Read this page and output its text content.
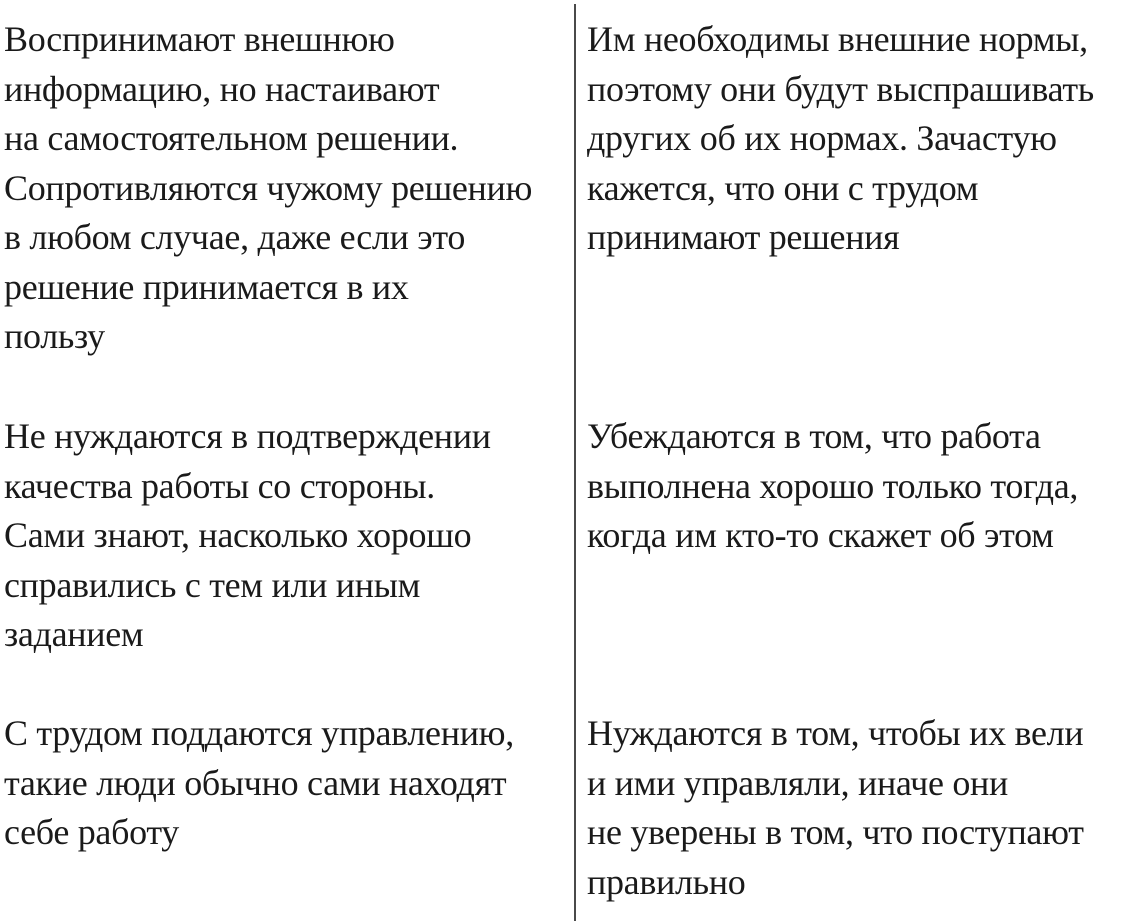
Воспринимают внешнюю
информацию, но настаивают
на самостоятельном решении.
Сопротивляются чужому решению
в любом случае, даже если это
решение принимается в их
пользу
Им необходимы внешние нормы,
поэтому они будут выспрашивать
других об их нормах. Зачастую
кажется, что они с трудом
принимают решения
Не нуждаются в подтверждении
качества работы со стороны.
Сами знают, насколько хорошо
справились с тем или иным
заданием
Убеждаются в том, что работа
выполнена хорошо только тогда,
когда им кто-то скажет об этом
С трудом поддаются управлению,
такие люди обычно сами находят
себе работу
Нуждаются в том, чтобы их вели
и ими управляли, иначе они
не уверены в том, что поступают
правильно
